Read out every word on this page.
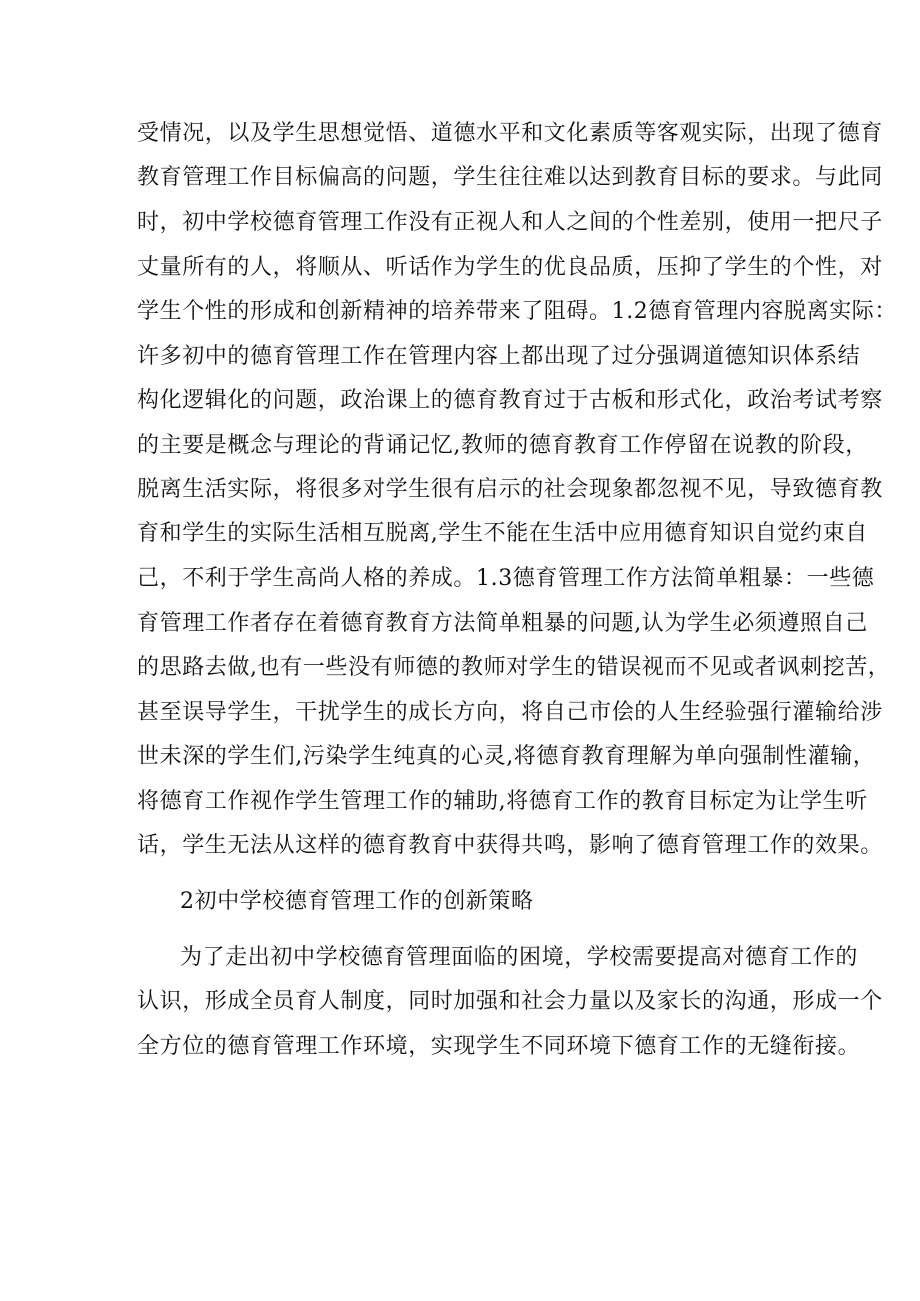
受情况，以及学生思想觉悟、道德水平和文化素质等客观实际，出现了德育
教育管理工作目标偏高的问题，学生往往难以达到教育目标的要求。与此同
时，初中学校德育管理工作没有正视人和人之间的个性差别，使用一把尺子
丈量所有的人，将顺从、听话作为学生的优良品质，压抑了学生的个性，对
学生个性的形成和创新精神的培养带来了阻碍。1.2德育管理内容脱离实际：
许多初中的德育管理工作在管理内容上都出现了过分强调道德知识体系结
构化逻辑化的问题，政治课上的德育教育过于古板和形式化，政治考试考察
的主要是概念与理论的背诵记忆,教师的德育教育工作停留在说教的阶段，
脱离生活实际，将很多对学生很有启示的社会现象都忽视不见，导致德育教
育和学生的实际生活相互脱离,学生不能在生活中应用德育知识自觉约束自
己，不利于学生高尚人格的养成。1.3德育管理工作方法简单粗暴：一些德
育管理工作者存在着德育教育方法简单粗暴的问题,认为学生必须遵照自己
的思路去做,也有一些没有师德的教师对学生的错误视而不见或者讽刺挖苦，
甚至误导学生，干扰学生的成长方向，将自己市侩的人生经验强行灌输给涉
世未深的学生们,污染学生纯真的心灵,将德育教育理解为单向强制性灌输，
将德育工作视作学生管理工作的辅助,将德育工作的教育目标定为让学生听
话，学生无法从这样的德育教育中获得共鸣，影响了德育管理工作的效果。
2初中学校德育管理工作的创新策略
为了走出初中学校德育管理面临的困境，学校需要提高对德育工作的
认识，形成全员育人制度，同时加强和社会力量以及家长的沟通，形成一个
全方位的德育管理工作环境，实现学生不同环境下德育工作的无缝衔接。
